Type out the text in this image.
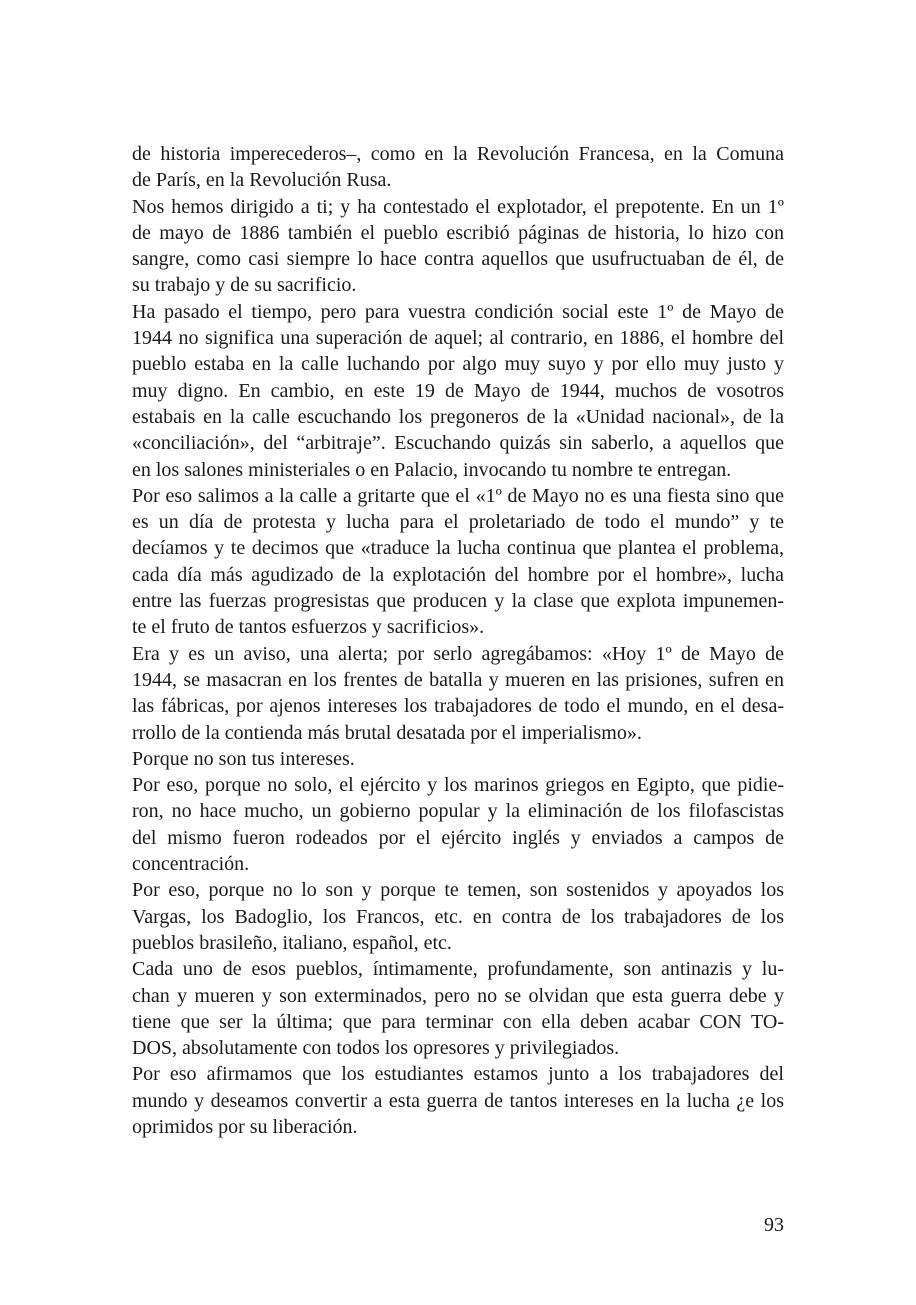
de historia imperecederos–, como en la Revolución Francesa, en la Comuna
de París, en la Revolución Rusa.
Nos hemos dirigido a ti; y ha contestado el explotador, el prepotente. En un 1º
de mayo de 1886 también el pueblo escribió páginas de historia, lo hizo con
sangre, como casi siempre lo hace contra aquellos que usufructuaban de él, de
su trabajo y de su sacrificio.
Ha pasado el tiempo, pero para vuestra condición social este 1º de Mayo de
1944 no significa una superación de aquel; al contrario, en 1886, el hombre del
pueblo estaba en la calle luchando por algo muy suyo y por ello muy justo y
muy digno. En cambio, en este 19 de Mayo de 1944, muchos de vosotros
estabais en la calle escuchando los pregoneros de la «Unidad nacional», de la
«conciliación», del “arbitraje”. Escuchando quizás sin saberlo, a aquellos que
en los salones ministeriales o en Palacio, invocando tu nombre te entregan.
Por eso salimos a la calle a gritarte que el «1º de Mayo no es una fiesta sino que
es un día de protesta y lucha para el proletariado de todo el mundo” y te
decíamos y te decimos que «traduce la lucha continua que plantea el problema,
cada día más agudizado de la explotación del hombre por el hombre», lucha
entre las fuerzas progresistas que producen y la clase que explota impunemen-
te el fruto de tantos esfuerzos y sacrificios».
Era y es un aviso, una alerta; por serlo agregábamos: «Hoy 1º de Mayo de
1944, se masacran en los frentes de batalla y mueren en las prisiones, sufren en
las fábricas, por ajenos intereses los trabajadores de todo el mundo, en el desa-
rrollo de la contienda más brutal desatada por el imperialismo».
Porque no son tus intereses.
Por eso, porque no solo, el ejército y los marinos griegos en Egipto, que pidie-
ron, no hace mucho, un gobierno popular y la eliminación de los filofascistas
del mismo fueron rodeados por el ejército inglés y enviados a campos de
concentración.
Por eso, porque no lo son y porque te temen, son sostenidos y apoyados los
Vargas, los Badoglio, los Francos, etc. en contra de los trabajadores de los
pueblos brasileño, italiano, español, etc.
Cada uno de esos pueblos, íntimamente, profundamente, son antinazis y lu-
chan y mueren y son exterminados, pero no se olvidan que esta guerra debe y
tiene que ser la última; que para terminar con ella deben acabar CON TO-
DOS, absolutamente con todos los opresores y privilegiados.
Por eso afirmamos que los estudiantes estamos junto a los trabajadores del
mundo y deseamos convertir a esta guerra de tantos intereses en la lucha ¿e los
oprimidos por su liberación.
93
